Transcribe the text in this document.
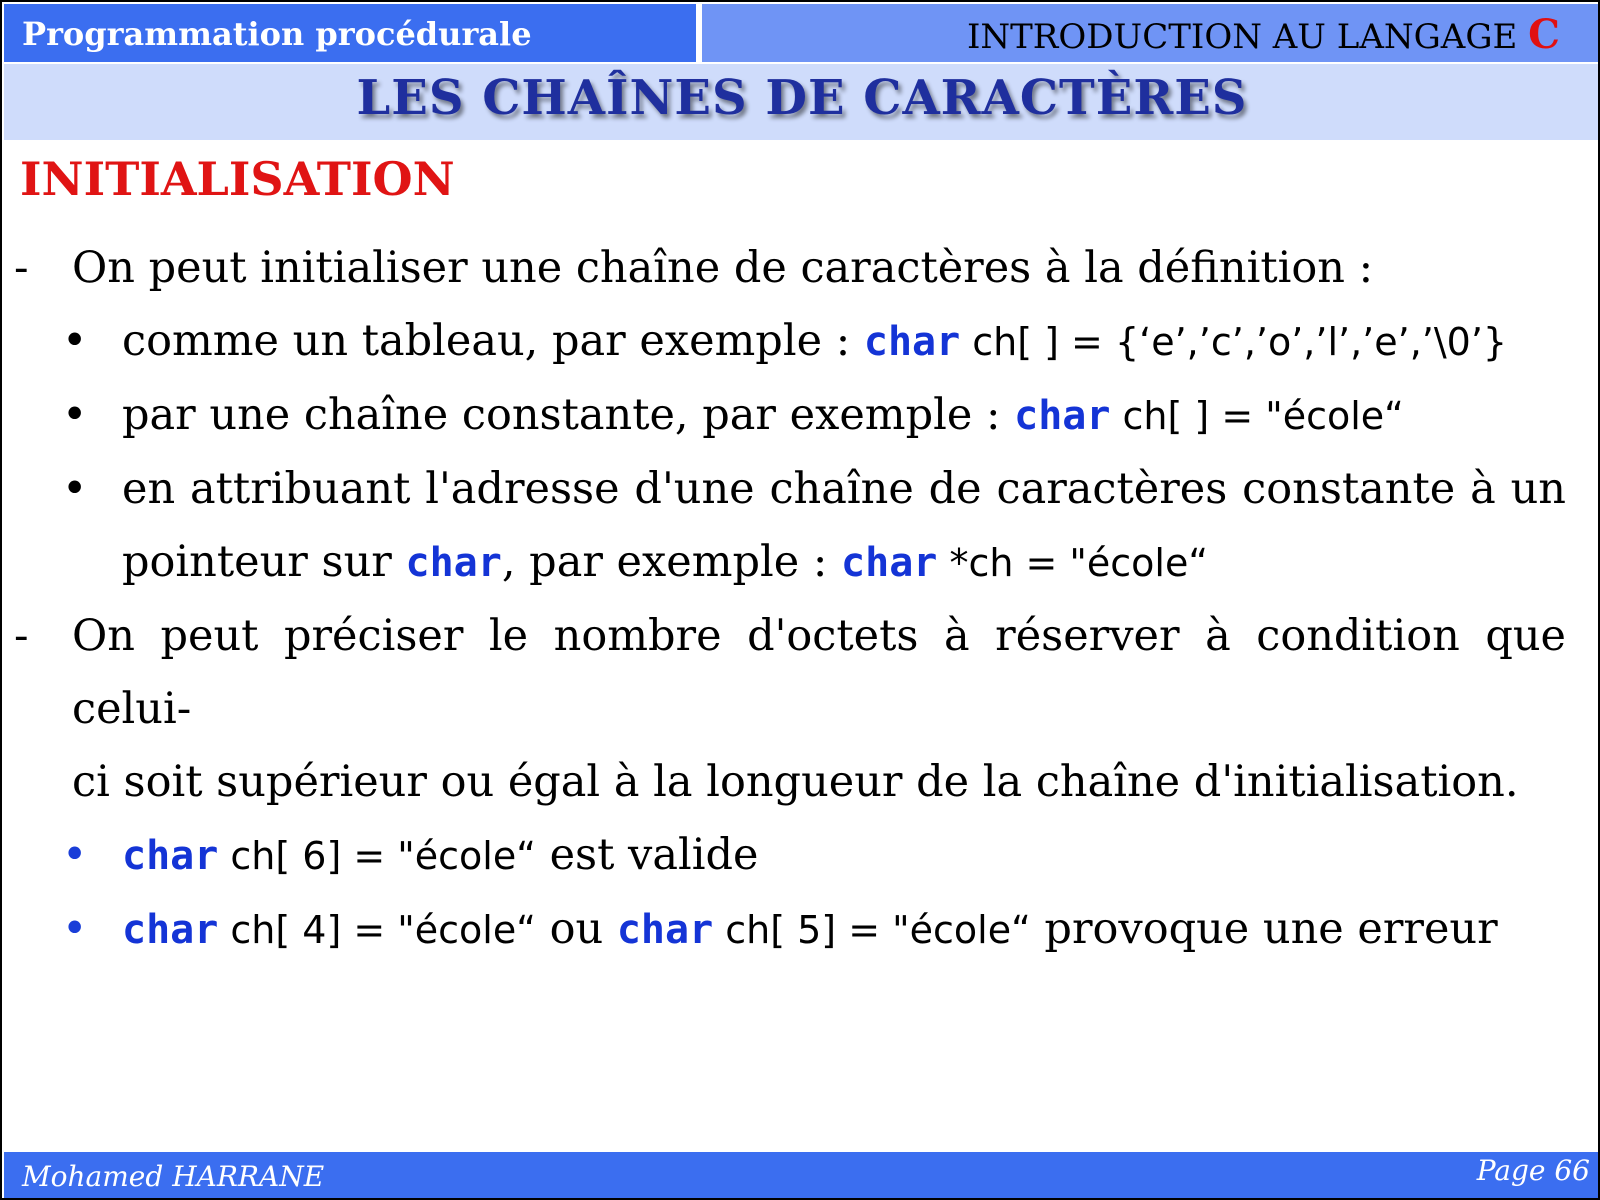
Programmation procédurale	INTRODUCTION AU LANGAGE C
LES CHAÎNES DE CARACTÈRES
INITIALISATION

- On peut initialiser une chaîne de caractères à la définition :

• comme un tableau, par exemple : char ch[ ] = {‘e’,’c’,’o’,’l’,’e’,’\0’}

• par une chaîne constante, par exemple : char ch[ ] = "école“

• en attribuant l'adresse d'une chaîne de caractères constante à un

pointeur sur char, par exemple : char *ch = "école“

- On peut préciser le nombre d'octets à réserver à condition que celui-

ci soit supérieur ou égal à la longueur de la chaîne d'initialisation.

• char ch[ 6] = "école“ est valide

• char ch[ 4] = "école“ ou char ch[ 5] = "école“ provoque une erreur

Mohamed HARRANE	Page 66
